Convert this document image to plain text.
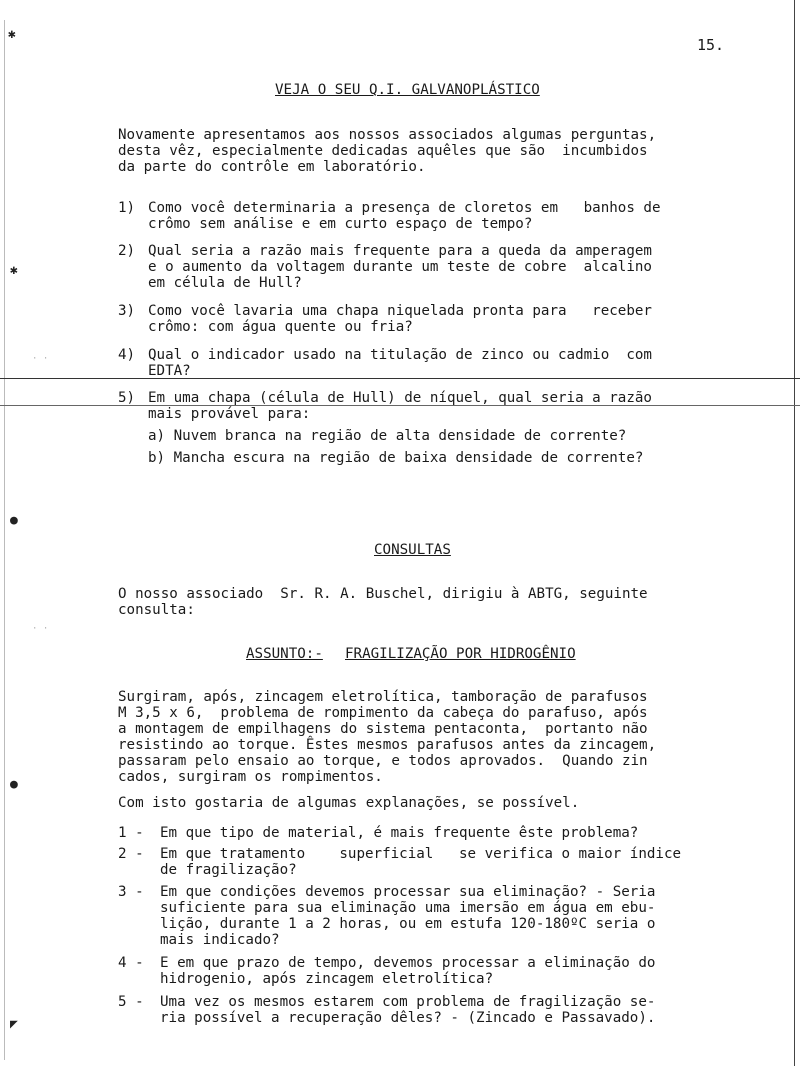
✱
✱
●
●
◤
· ·
· ·
15.
VEJA O SEU Q.I. GALVANOPLÁSTICO
Novamente apresentamos aos nossos associados algumas perguntas,
desta vêz, especialmente dedicadas aquêles que são  incumbidos
da parte do contrôle em laboratório.
1) Como você determinaria a presença de cloretos em   banhos de
crômo sem análise e em curto espaço de tempo?
2) Qual seria a razão mais frequente para a queda da amperagem
e o aumento da voltagem durante um teste de cobre  alcalino
em célula de Hull?
3) Como você lavaria uma chapa niquelada pronta para   receber
crômo: com água quente ou fria?
4) Qual o indicador usado na titulação de zinco ou cadmio  com
EDTA?
5) Em uma chapa (célula de Hull) de níquel, qual seria a razão
mais provável para:
a) Nuvem branca na região de alta densidade de corrente?
b) Mancha escura na região de baixa densidade de corrente?
CONSULTAS
O nosso associado  Sr. R. A. Buschel, dirigiu à ABTG, seguinte
consulta:
ASSUNTO:- FRAGILIZAÇÃO POR HIDROGÊNIO
Surgiram, após, zincagem eletrolítica, tamboração de parafusos
M 3,5 x 6,  problema de rompimento da cabeça do parafuso, após
a montagem de empilhagens do sistema pentaconta,  portanto não
resistindo ao torque. Êstes mesmos parafusos antes da zincagem,
passaram pelo ensaio ao torque, e todos aprovados.  Quando zin
cados, surgiram os rompimentos.
Com isto gostaria de algumas explanações, se possível.
1 - Em que tipo de material, é mais frequente êste problema?
2 - Em que tratamento    superficial   se verifica o maior índice
de fragilização?
3 - Em que condições devemos processar sua eliminação? - Seria
suficiente para sua eliminação uma imersão em água em ebu-
lição, durante 1 a 2 horas, ou em estufa 120-180ºC seria o
mais indicado?
4 - E em que prazo de tempo, devemos processar a eliminação do
hidrogenio, após zincagem eletrolítica?
5 - Uma vez os mesmos estarem com problema de fragilização se-
ria possível a recuperação dêles? - (Zincado e Passavado).
